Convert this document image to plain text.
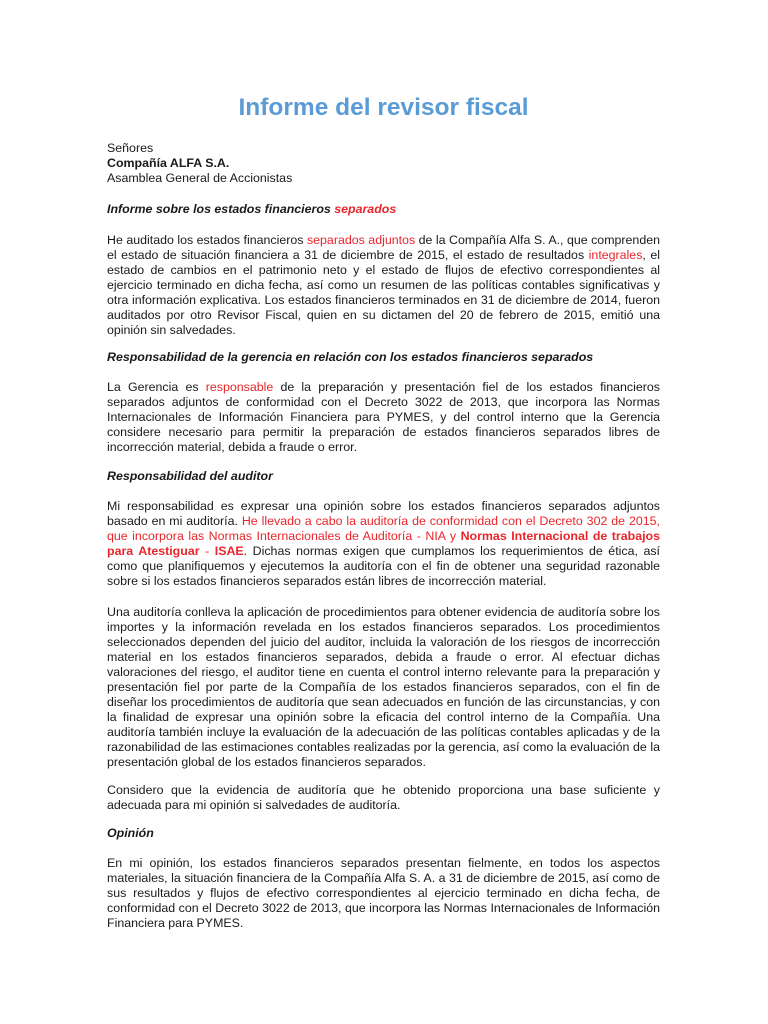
Informe del revisor fiscal
Señores
Compañía ALFA S.A.
Asamblea General de Accionistas
Informe sobre los estados financieros separados

He auditado los estados financieros separados adjuntos de la Compañía Alfa S. A., que comprenden el estado de situación financiera a 31 de diciembre de 2015, el estado de resultados integrales, el estado de cambios en el patrimonio neto y el estado de flujos de efectivo correspondientes al ejercicio terminado en dicha fecha, así como un resumen de las políticas contables significativas y otra información explicativa. Los estados financieros terminados en 31 de diciembre de 2014, fueron auditados por otro Revisor Fiscal, quien en su dictamen del 20 de febrero de 2015, emitió una opinión sin salvedades.

Responsabilidad de la gerencia en relación con los estados financieros separados

La Gerencia es responsable de la preparación y presentación fiel de los estados financieros separados adjuntos de conformidad con el Decreto 3022 de 2013, que incorpora las Normas Internacionales de Información Financiera para PYMES, y del control interno que la Gerencia considere necesario para permitir la preparación de estados financieros separados libres de incorrección material, debida a fraude o error.

Responsabilidad del auditor

Mi responsabilidad es expresar una opinión sobre los estados financieros separados adjuntos basado en mi auditoría. He llevado a cabo la auditoría de conformidad con el Decreto 302 de 2015, que incorpora las Normas Internacionales de Auditoría - NIA y Normas Internacional de trabajos para Atestiguar - ISAE. Dichas normas exigen que cumplamos los requerimientos de ética, así como que planifiquemos y ejecutemos la auditoría con el fin de obtener una seguridad razonable sobre si los estados financieros separados están libres de incorrección material.

Una auditoría conlleva la aplicación de procedimientos para obtener evidencia de auditoría sobre los importes y la información revelada en los estados financieros separados. Los procedimientos seleccionados dependen del juicio del auditor, incluida la valoración de los riesgos de incorrección material en los estados financieros separados, debida a fraude o error. Al efectuar dichas valoraciones del riesgo, el auditor tiene en cuenta el control interno relevante para la preparación y presentación fiel por parte de la Compañía de los estados financieros separados, con el fin de diseñar los procedimientos de auditoría que sean adecuados en función de las circunstancias, y con la finalidad de expresar una opinión sobre la eficacia del control interno de la Compañía. Una auditoría también incluye la evaluación de la adecuación de las políticas contables aplicadas y de la razonabilidad de las estimaciones contables realizadas por la gerencia, así como la evaluación de la presentación global de los estados financieros separados.

Considero que la evidencia de auditoría que he obtenido proporciona una base suficiente y adecuada para mi opinión si salvedades de auditoría.

Opinión

En mi opinión, los estados financieros separados presentan fielmente, en todos los aspectos materiales, la situación financiera de la Compañía Alfa S. A. a 31 de diciembre de 2015, así como de sus resultados y flujos de efectivo correspondientes al ejercicio terminado en dicha fecha, de conformidad con el Decreto 3022 de 2013, que incorpora las Normas Internacionales de Información Financiera para PYMES.
